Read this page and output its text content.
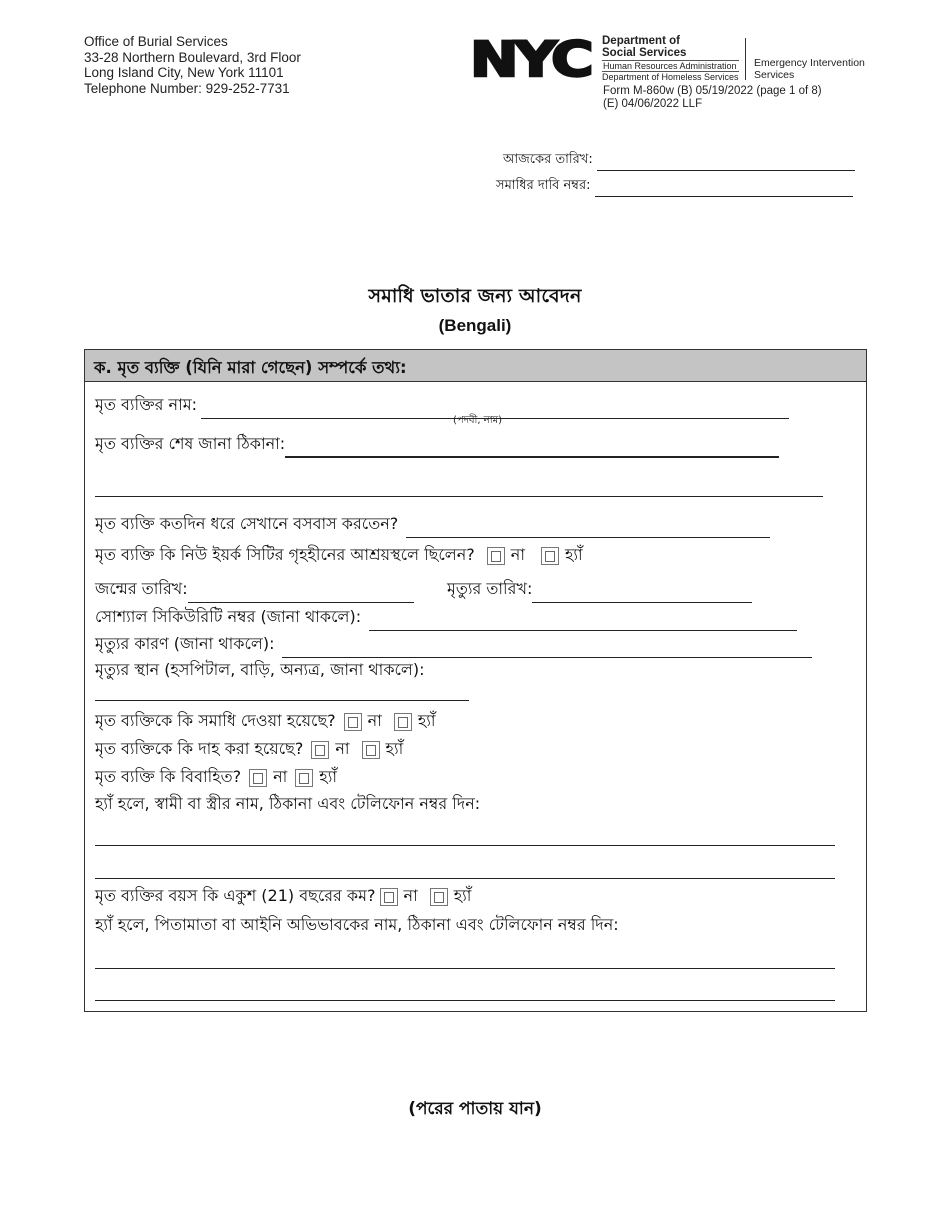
Office of Burial Services
33-28 Northern Boulevard, 3rd Floor
Long Island City, New York 11101
Telephone Number: 929-252-7731	NYC Department of
Social Services
Human Resources Administration
Department of Homeless Services
Emergency Intervention
Services
Form M-860w (B) 05/19/2022 (page 1 of 8)
(E) 04/06/2022 LLF
আজকের তারিখ:
সমাধির দাবি নম্বর:
সমাধি ভাতার জন্য আবেদন
(Bengali)
ক. মৃত ব্যক্তি (যিনি মারা গেছেন) সম্পর্কে তথ্য:
মৃত ব্যক্তির নাম:
(পদবী, নাম)
মৃত ব্যক্তির শেষ জানা ঠিকানা:
মৃত ব্যক্তি কতদিন ধরে সেখানে বসবাস করতেন?
মৃত ব্যক্তি কি নিউ ইয়র্ক সিটির গৃহহীনের আশ্রয়স্থলে ছিলেন? না	হ্যাঁ
জন্মের তারিখ:	মৃত্যুর তারিখ:
সোশ্যাল সিকিউরিটি নম্বর (জানা থাকলে):
মৃত্যুর কারণ (জানা থাকলে):
মৃত্যুর স্থান (হসপিটাল, বাড়ি, অন্যত্র, জানা থাকলে):
মৃত ব্যক্তিকে কি সমাধি দেওয়া হয়েছে? না হ্যাঁ
মৃত ব্যক্তিকে কি দাহ করা হয়েছে? না হ্যাঁ
মৃত ব্যক্তি কি বিবাহিত? না হ্যাঁ
হ্যাঁ হলে, স্বামী বা স্ত্রীর নাম, ঠিকানা এবং টেলিফোন নম্বর দিন:
মৃত ব্যক্তির বয়স কি একুশ (21) বছরের কম? না হ্যাঁ
হ্যাঁ হলে, পিতামাতা বা আইনি অভিভাবকের নাম, ঠিকানা এবং টেলিফোন নম্বর দিন:
(পরের পাতায় যান)
